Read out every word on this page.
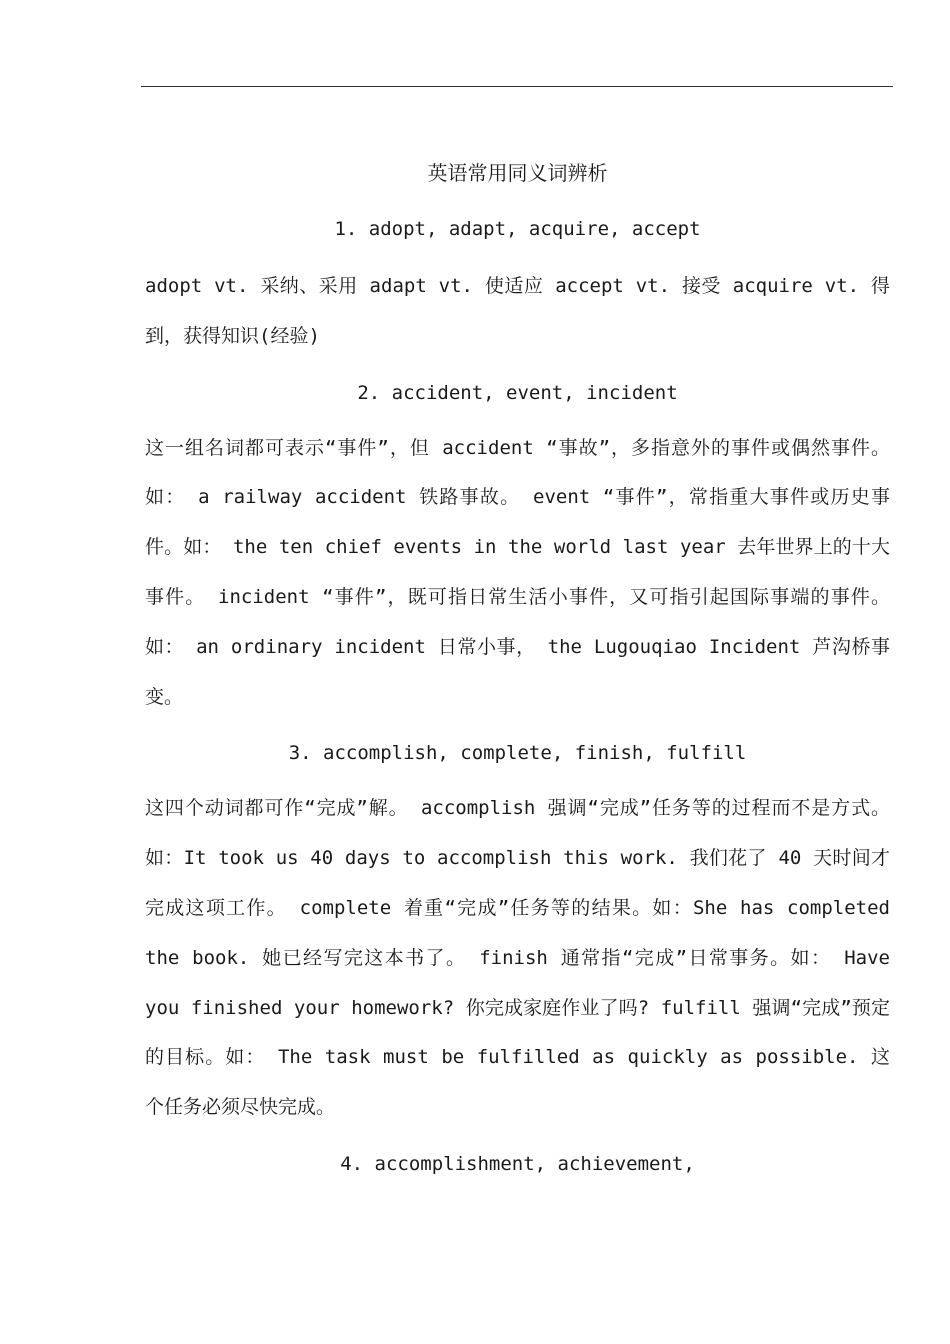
英语常用同义词辨析
1. adopt, adapt, acquire, accept

adopt vt. 采纳、采用 adapt vt. 使适应 accept vt. 接受 acquire vt. 得到，获得知识(经验)

2. accident, event, incident

这一组名词都可表示“事件”，但 accident “事故”，多指意外的事件或偶然事件。如： a railway accident 铁路事故。 event “事件”，常指重大事件或历史事件。如： the ten chief events in the world last year 去年世界上的十大事件。 incident “事件”，既可指日常生活小事件，又可指引起国际事端的事件。如： an ordinary incident 日常小事， the Lugouqiao Incident 芦沟桥事变。

3. accomplish, complete, finish, fulfill

这四个动词都可作“完成”解。 accomplish 强调“完成”任务等的过程而不是方式。如：It took us 40 days to accomplish this work. 我们花了 40 天时间才完成这项工作。 complete 着重“完成”任务等的结果。如：She has completed the book. 她已经写完这本书了。 finish 通常指“完成”日常事务。如： Have you finished your homework? 你完成家庭作业了吗? fulfill 强调“完成”预定的目标。如： The task must be fulfilled as quickly as possible. 这个任务必须尽快完成。

4. accomplishment, achievement,
